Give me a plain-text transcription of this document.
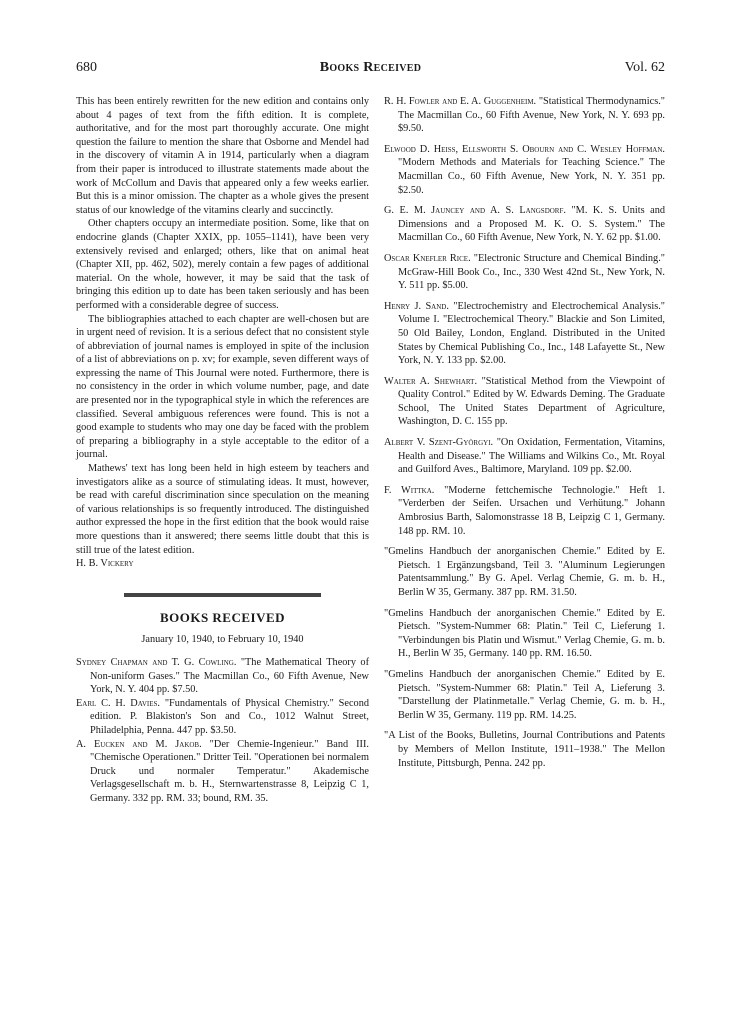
680	Books Received	Vol. 62

This has been entirely rewritten for the new edition and contains only about 4 pages of text from the fifth edition. It is complete, authoritative, and for the most part thoroughly accurate. One might question the failure to mention the share that Osborne and Mendel had in the discovery of vitamin A in 1914, particularly when a diagram from their paper is introduced to illustrate statements made about the work of McCollum and Davis that appeared only a few weeks earlier. But this is a minor omission. The chapter as a whole gives the present status of our knowledge of the vitamins clearly and succinctly.

Other chapters occupy an intermediate position. Some, like that on endocrine glands (Chapter XXIX, pp. 1055–1141), have been very extensively revised and enlarged; others, like that on animal heat (Chapter XII, pp. 462, 502), merely contain a few pages of additional material. On the whole, however, it may be said that the task of bringing this edition up to date has been taken seriously and has been performed with a considerable degree of success.

The bibliographies attached to each chapter are well-chosen but are in urgent need of revision. It is a serious defect that no consistent style of abbreviation of journal names is employed in spite of the inclusion of a list of abbreviations on p. xv; for example, seven different ways of expressing the name of This Journal were noted. Furthermore, there is no consistency in the order in which volume number, page, and date are presented nor in the typographical style in which the references are classified. Several ambiguous references were found. This is not a good example to students who may one day be faced with the problem of preparing a bibliography in a style acceptable to the editor of a journal.

Mathews' text has long been held in high esteem by teachers and investigators alike as a source of stimulating ideas. It must, however, be read with careful discrimination since speculation on the meaning of various relationships is so frequently introduced. The distinguished author expressed the hope in the first edition that the book would raise more questions than it answered; there seems little doubt that this is still true of the latest edition.

H. B. Vickery

BOOKS RECEIVED
January 10, 1940, to February 10, 1940

Sydney Chapman and T. G. Cowling. "The Mathematical Theory of Non-uniform Gases." The Macmillan Co., 60 Fifth Avenue, New York, N. Y. 404 pp. $7.50.

Earl C. H. Davies. "Fundamentals of Physical Chemistry." Second edition. P. Blakiston's Son and Co., 1012 Walnut Street, Philadelphia, Penna. 447 pp. $3.50.

A. Eucken and M. Jakob. "Der Chemie-Ingenieur." Band III. "Chemische Operationen." Dritter Teil. "Operationen bei normalem Druck und normaler Temperatur." Akademische Verlagsgesellschaft m. b. H., Sternwartenstrasse 8, Leipzig C 1, Germany. 332 pp. RM. 33; bound, RM. 35.

R. H. Fowler and E. A. Guggenheim. "Statistical Thermodynamics." The Macmillan Co., 60 Fifth Avenue, New York, N. Y. 693 pp. $9.50.

Elwood D. Heiss, Ellsworth S. Obourn and C. Wesley Hoffman. "Modern Methods and Materials for Teaching Science." The Macmillan Co., 60 Fifth Avenue, New York, N. Y. 351 pp. $2.50.

G. E. M. Jauncey and A. S. Langsdorf. "M. K. S. Units and Dimensions and a Proposed M. K. O. S. System." The Macmillan Co., 60 Fifth Avenue, New York, N. Y. 62 pp. $1.00.

Oscar Knefler Rice. "Electronic Structure and Chemical Binding." McGraw-Hill Book Co., Inc., 330 West 42nd St., New York, N. Y. 511 pp. $5.00.

Henry J. Sand. "Electrochemistry and Electrochemical Analysis." Volume I. "Electrochemical Theory." Blackie and Son Limited, 50 Old Bailey, London, England. Distributed in the United States by Chemical Publishing Co., Inc., 148 Lafayette St., New York, N. Y. 133 pp. $2.00.

Walter A. Shewhart. "Statistical Method from the Viewpoint of Quality Control." Edited by W. Edwards Deming. The Graduate School, The United States Department of Agriculture, Washington, D. C. 155 pp.

Albert V. Szent-Györgyi. "On Oxidation, Fermentation, Vitamins, Health and Disease." The Williams and Wilkins Co., Mt. Royal and Guilford Aves., Baltimore, Maryland. 109 pp. $2.00.

F. Wittka. "Moderne fettchemische Technologie." Heft 1. "Verderben der Seifen. Ursachen und Verhütung." Johann Ambrosius Barth, Salomonstrasse 18 B, Leipzig C 1, Germany. 148 pp. RM. 10.

"Gmelins Handbuch der anorganischen Chemie." Edited by E. Pietsch. 1 Ergänzungsband, Teil 3. "Aluminum Legierungen Patentsammlung." By G. Apel. Verlag Chemie, G. m. b. H., Berlin W 35, Germany. 387 pp. RM. 31.50.

"Gmelins Handbuch der anorganischen Chemie." Edited by E. Pietsch. "System-Nummer 68: Platin." Teil C, Lieferung 1. "Verbindungen bis Platin und Wismut." Verlag Chemie, G. m. b. H., Berlin W 35, Germany. 140 pp. RM. 16.50.

"Gmelins Handbuch der anorganischen Chemie." Edited by E. Pietsch. "System-Nummer 68: Platin." Teil A, Lieferung 3. "Darstellung der Platinmetalle." Verlag Chemie, G. m. b. H., Berlin W 35, Germany. 119 pp. RM. 14.25.

"A List of the Books, Bulletins, Journal Contributions and Patents by Members of Mellon Institute, 1911–1938." The Mellon Institute, Pittsburgh, Penna. 242 pp.
